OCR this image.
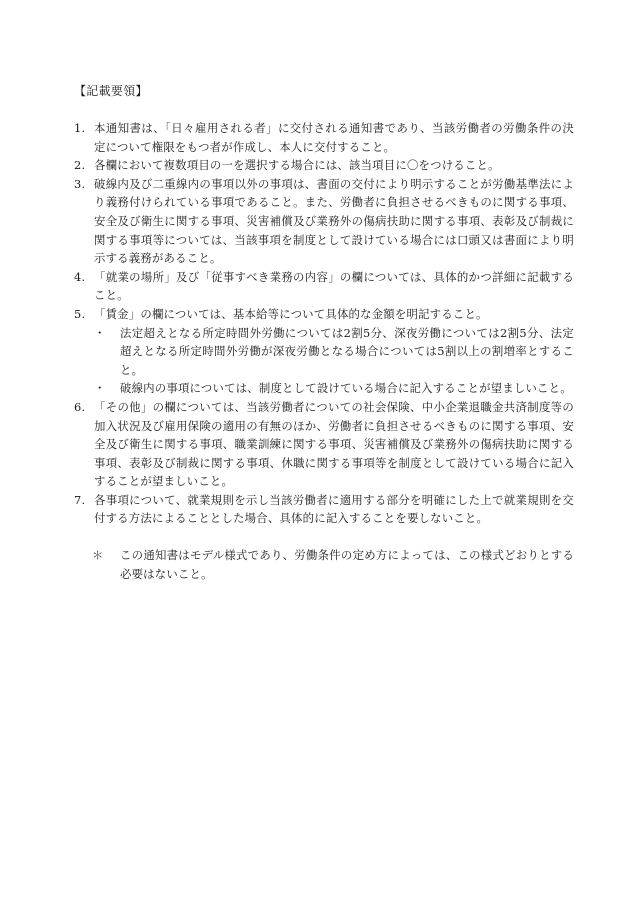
【記載要領】
1. 本通知書は、「日々雇用される者」に交付される通知書であり、当該労働者の労働条件の決定について権限をもつ者が作成し、本人に交付すること。
2. 各欄において複数項目の一を選択する場合には、該当項目に〇をつけること。
3. 破線内及び二重線内の事項以外の事項は、書面の交付により明示することが労働基準法により義務付けられている事項であること。また、労働者に負担させるべきものに関する事項、安全及び衛生に関する事項、災害補償及び業務外の傷病扶助に関する事項、表彰及び制裁に関する事項等については、当該事項を制度として設けている場合には口頭又は書面により明示する義務があること。
4. 「就業の場所」及び「従事すべき業務の内容」の欄については、具体的かつ詳細に記載すること。
5. 「賃金」の欄については、基本給等について具体的な金額を明記すること。
・	法定超えとなる所定時間外労働については2割5分、深夜労働については2割5分、法定超えとなる所定時間外労働が深夜労働となる場合については5割以上の割増率とすること。
・	破線内の事項については、制度として設けている場合に記入することが望ましいこと。
6. 「その他」の欄については、当該労働者についての社会保険、中小企業退職金共済制度等の加入状況及び雇用保険の適用の有無のほか、労働者に負担させるべきものに関する事項、安全及び衛生に関する事項、職業訓練に関する事項、災害補償及び業務外の傷病扶助に関する事項、表彰及び制裁に関する事項、休職に関する事項等を制度として設けている場合に記入することが望ましいこと。
7. 各事項について、就業規則を示し当該労働者に適用する部分を明確にした上で就業規則を交付する方法によることとした場合、具体的に記入することを要しないこと。
＊	この通知書はモデル様式であり、労働条件の定め方によっては、この様式どおりとする必要はないこと。
